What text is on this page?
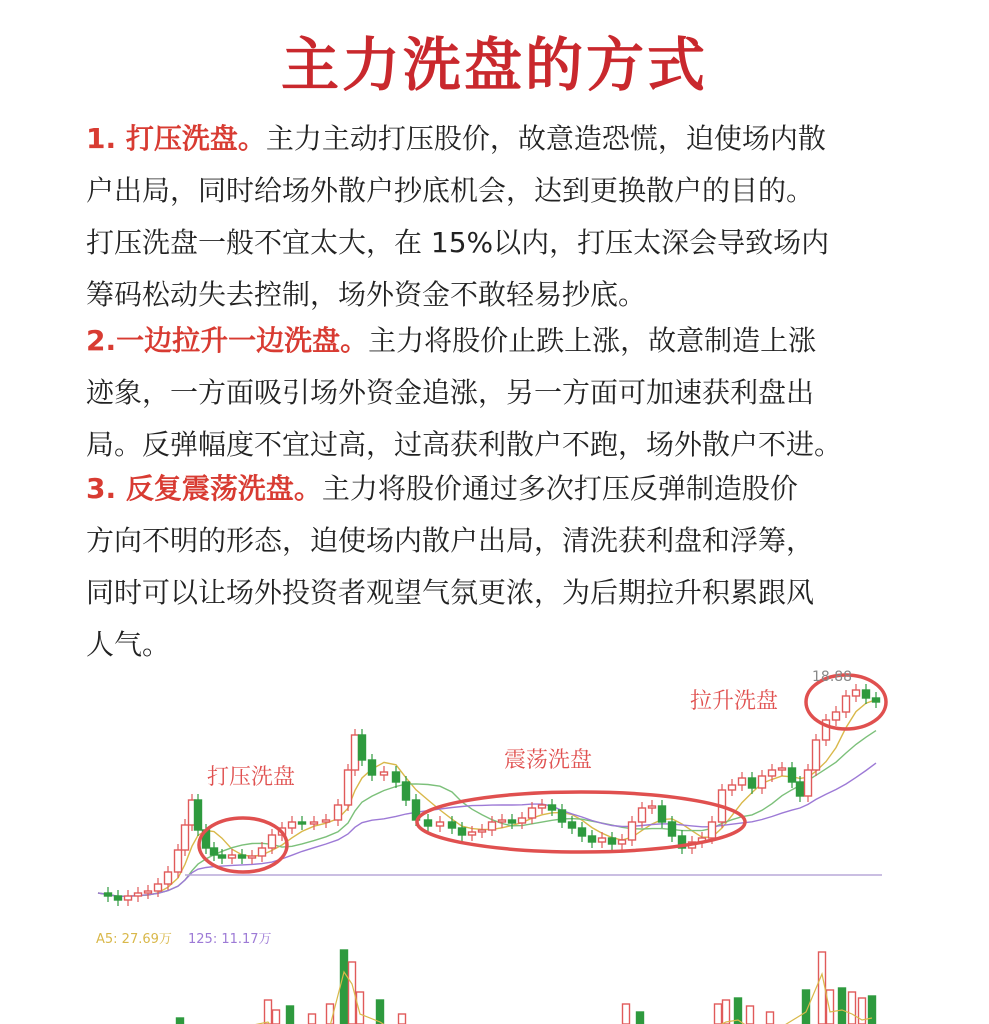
主力洗盘的方式
1. 打压洗盘。主力主动打压股价，故意造恐慌，迫使场内散
户出局，同时给场外散户抄底机会，达到更换散户的目的。
打压洗盘一般不宜太大，在 15%以内，打压太深会导致场内
筹码松动失去控制，场外资金不敢轻易抄底。
2.一边拉升一边洗盘。主力将股价止跌上涨，故意制造上涨
迹象，一方面吸引场外资金追涨，另一方面可加速获利盘出
局。反弹幅度不宜过高，过高获利散户不跑，场外散户不进。
3. 反复震荡洗盘。主力将股价通过多次打压反弹制造股价
方向不明的形态，迫使场内散户出局，清洗获利盘和浮筹，
同时可以让场外投资者观望气氛更浓，为后期拉升积累跟风
人气。
打压洗盘
震荡洗盘
拉升洗盘
18.88
A5: 27.69万 125: 11.17万
